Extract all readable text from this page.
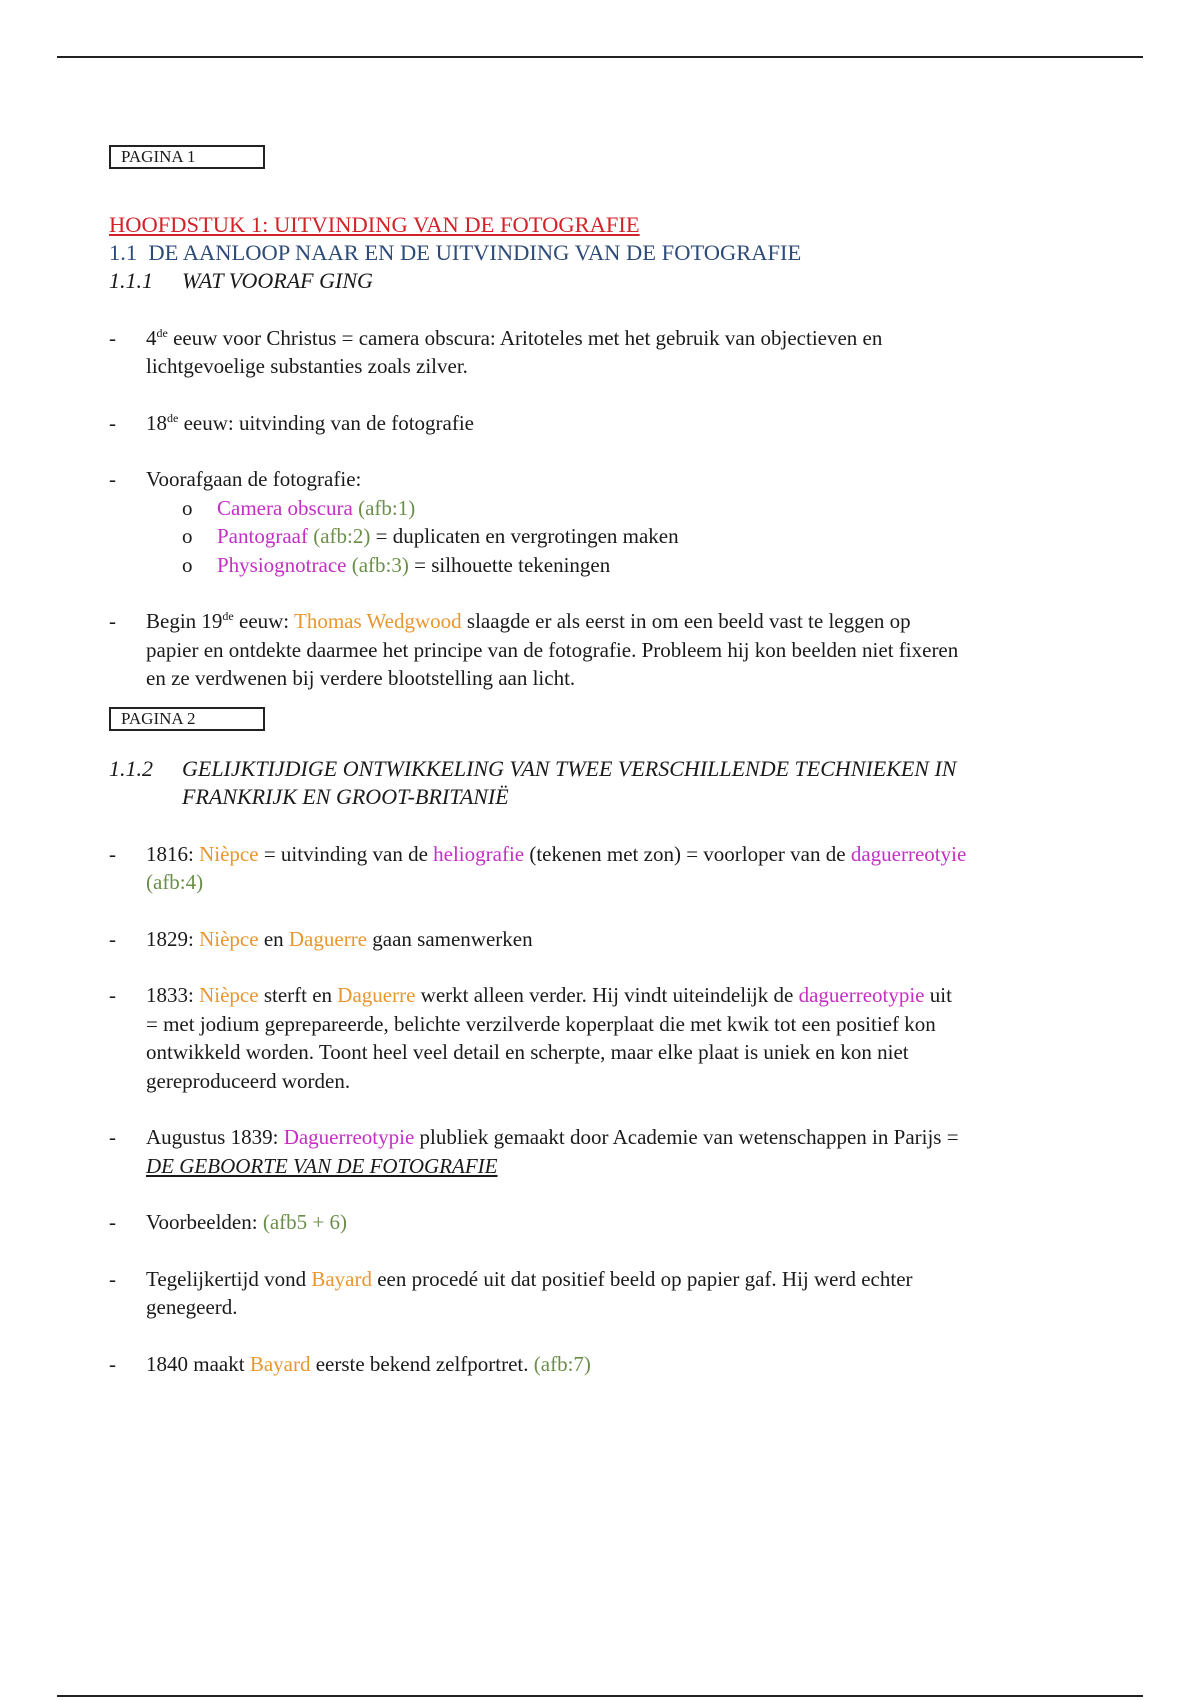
PAGINA 1
HOOFDSTUK 1: UITVINDING VAN DE FOTOGRAFIE
1.1 DE AANLOOP NAAR EN DE UITVINDING VAN DE FOTOGRAFIE
1.1.1	WAT VOORAF GING
-	4de eeuw voor Christus = camera obscura: Aritoteles met het gebruik van objectieven en
lichtgevoelige substanties zoals zilver.
-	18de eeuw: uitvinding van de fotografie
-	Voorafgaan de fotografie:
o	Camera obscura (afb:1)
o	Pantograaf (afb:2) = duplicaten en vergrotingen maken
o	Physiognotrace (afb:3) = silhouette tekeningen
-	Begin 19de eeuw: Thomas Wedgwood slaagde er als eerst in om een beeld vast te leggen op
papier en ontdekte daarmee het principe van de fotografie. Probleem hij kon beelden niet fixeren
en ze verdwenen bij verdere blootstelling aan licht.
PAGINA 2
1.1.2	GELIJKTIJDIGE ONTWIKKELING VAN TWEE VERSCHILLENDE TECHNIEKEN IN
FRANKRIJK EN GROOT-BRITANIË
-	1816: Nièpce = uitvinding van de heliografie (tekenen met zon) = voorloper van de daguerreotyie
(afb:4)
-	1829: Nièpce en Daguerre gaan samenwerken
-	1833: Nièpce sterft en Daguerre werkt alleen verder. Hij vindt uiteindelijk de daguerreotypie uit
= met jodium geprepareerde, belichte verzilverde koperplaat die met kwik tot een positief kon
ontwikkeld worden. Toont heel veel detail en scherpte, maar elke plaat is uniek en kon niet
gereproduceerd worden.
-	Augustus 1839: Daguerreotypie plubliek gemaakt door Academie van wetenschappen in Parijs =
DE GEBOORTE VAN DE FOTOGRAFIE
-	Voorbeelden: (afb5 + 6)
-	Tegelijkertijd vond Bayard een procedé uit dat positief beeld op papier gaf. Hij werd echter
genegeerd.
-	1840 maakt Bayard eerste bekend zelfportret. (afb:7)
